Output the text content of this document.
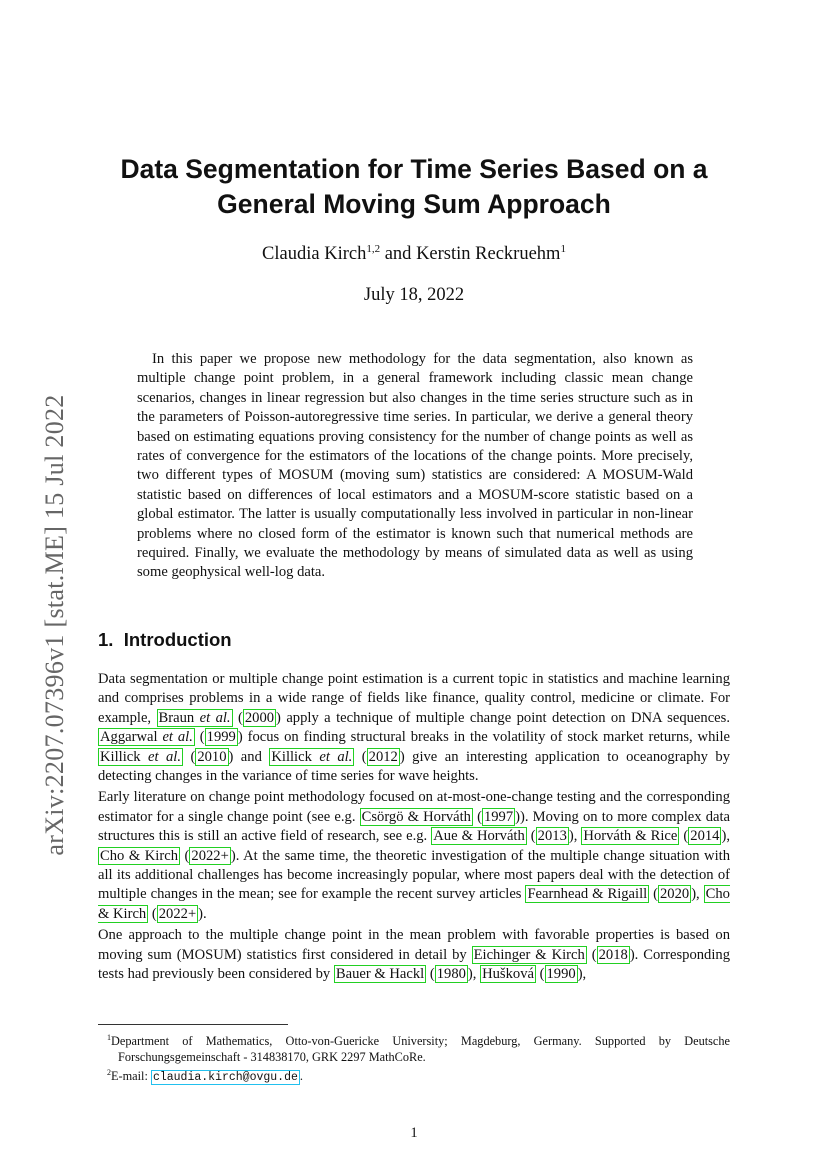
arXiv:2207.07396v1 [stat.ME] 15 Jul 2022
Data Segmentation for Time Series Based on a
General Moving Sum Approach
Claudia Kirch$^{1,2}$ and Kerstin Reckruehm$^1$
July 18, 2022

In this paper we propose new methodology for the data segmentation, also known as multiple change point problem, in a general framework including classic mean change scenarios, changes in linear regression but also changes in the time series structure such as in the parameters of Poisson-autoregressive time series. In particular, we derive a general theory based on estimating equations proving consistency for the number of change points as well as rates of convergence for the estimators of the locations of the change points. More precisely, two different types of MOSUM (moving sum) statistics are considered: A MOSUM-Wald statistic based on differences of local estimators and a MOSUM-score statistic based on a global estimator. The latter is usually computationally less involved in particular in non-linear problems where no closed form of the estimator is known such that numerical methods are required. Finally, we evaluate the methodology by means of simulated data as well as using some geophysical well-log data.

1. Introduction

Data segmentation or multiple change point estimation is a current topic in statistics and machine learning and comprises problems in a wide range of fields like finance, quality control, medicine or climate. For example, Braun et al. ( 2000 ) apply a technique of multiple change point detection on DNA sequences. Aggarwal et al. ( 1999 ) focus on finding structural breaks in the volatility of stock market returns, while Killick et al. ( 2010 ) and Killick et al. ( 2012 ) give an interesting application to oceanography by detecting changes in the variance of time series for wave heights.

Early literature on change point methodology focused on at-most-one-change testing and the corresponding estimator for a single change point (see e.g. Csörgö & Horváth ( 1997 )). Moving on to more complex data structures this is still an active field of research, see e.g. Aue & Horváth ( 2013 ), Horváth & Rice ( 2014 ), Cho & Kirch ( 2022+ ). At the same time, the theoretic investigation of the multiple change situation with all its additional challenges has become increasingly popular, where most papers deal with the detection of multiple changes in the mean; see for example the recent survey articles Fearnhead & Rigaill ( 2020 ), Cho & Kirch ( 2022+ ).

One approach to the multiple change point in the mean problem with favorable properties is based on moving sum (MOSUM) statistics first considered in detail by Eichinger & Kirch ( 2018 ). Corresponding tests had previously been considered by Bauer & Hackl ( 1980 ), Hušková ( 1990 ),

$^1$Department of Mathematics, Otto-von-Guericke University; Magdeburg, Germany. Supported by Deutsche Forschungsgemeinschaft - 314838170, GRK 2297 MathCoRe.
$^2$E-mail: claudia.kirch@ovgu.de .
1
